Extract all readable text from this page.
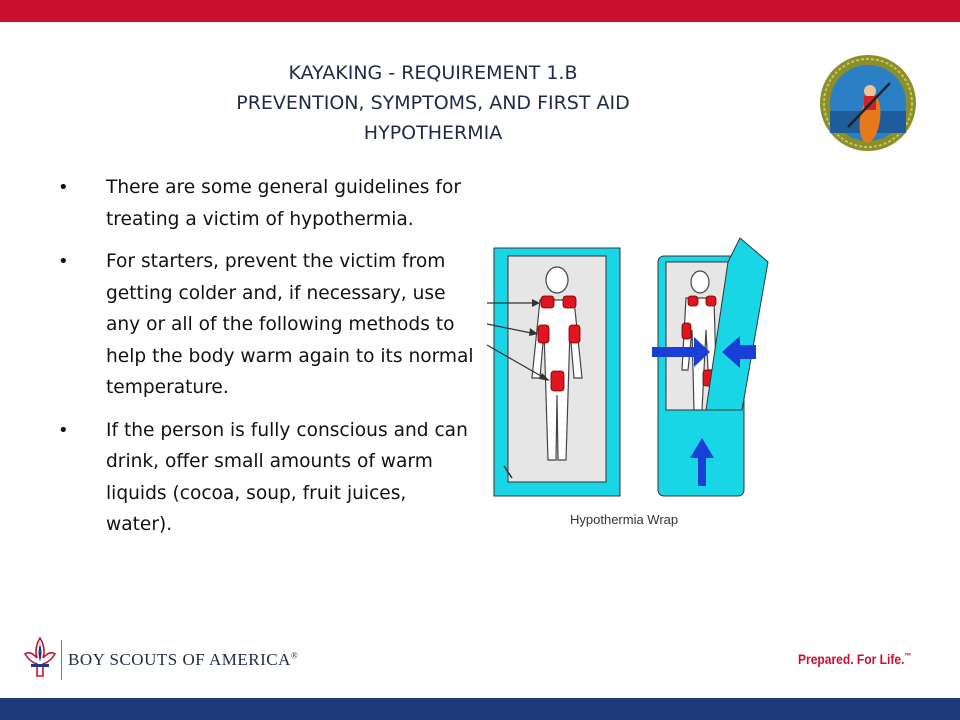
KAYAKING - REQUIREMENT 1.B
PREVENTION, SYMPTOMS, AND FIRST AID
HYPOTHERMIA
• There are some general guidelines for treating a victim of hypothermia.
• For starters, prevent the victim from getting colder and, if necessary, use any or all of the following methods to help the body warm again to its normal temperature.
• If the person is fully conscious and can drink, offer small amounts of warm liquids (cocoa, soup, fruit juices, water).	Hypothermia Wrap
BOY SCOUTS OF AMERICA®	Prepared. For Life.™
